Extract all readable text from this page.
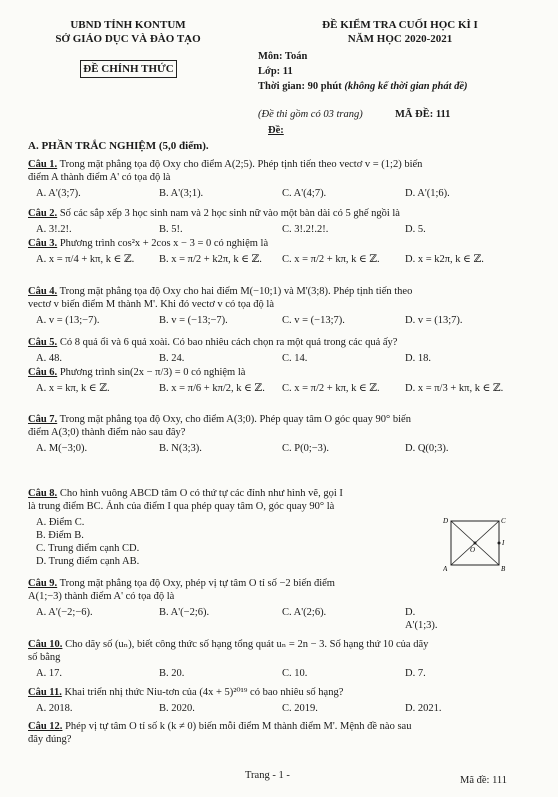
UBND TỈNH KONTUM
SỞ GIÁO DỤC VÀ ĐÀO TẠO
ĐỀ CHÍNH THỨC
ĐỀ KIỂM TRA CUỐI HỌC KÌ I
NĂM HỌC 2020-2021
Môn: Toán
Lớp: 11
Thời gian: 90 phút (không kể thời gian phát đề)
(Đề thi gồm có 03 trang)	MÃ ĐỀ: 111
Đề:
A. PHẦN TRẮC NGHIỆM (5,0 điểm).
Câu 1. Trong mặt phẳng tọa độ Oxy cho điểm A(2;5). Phép tịnh tiến theo vectơ v = (1;2) biến
điểm A thành điểm A' có tọa độ là
A. A'(3;7).	B. A'(3;1).	C. A'(4;7).	D. A'(1;6).
Câu 2. Số các sắp xếp 3 học sinh nam và 2 học sinh nữ vào một bàn dài có 5 ghế ngồi là
A. 3!.2!.	B. 5!.	C. 3!.2!.2!.	D. 5.
Câu 3. Phương trình cos²x + 2cos x − 3 = 0 có nghiệm là
A. x = π/4 + kπ, k ∈ ℤ. B. x = π/2 + k2π, k ∈ ℤ. C. x = π/2 + kπ, k ∈ ℤ. D. x = k2π, k ∈ ℤ.
Câu 4. Trong mặt phẳng tọa độ Oxy cho hai điểm M(−10;1) và M'(3;8). Phép tịnh tiến theo
vectơ v biến điểm M thành M'. Khi đó vectơ v có tọa độ là
A. v = (13;−7).	B. v = (−13;−7).	C. v = (−13;7).	D. v = (13;7).
Câu 5. Có 8 quả ổi và 6 quả xoài. Có bao nhiêu cách chọn ra một quả trong các quả ấy?
A. 48.	B. 24.	C. 14.	D. 18.
Câu 6. Phương trình sin(2x − π/3) = 0 có nghiệm là
A. x = kπ, k ∈ ℤ.	B. x = π/6 + kπ/2, k ∈ ℤ. C. x = π/2 + kπ, k ∈ ℤ. D. x = π/3 + kπ, k ∈ ℤ.
Câu 7. Trong mặt phẳng tọa độ Oxy, cho điểm A(3;0). Phép quay tâm O góc quay 90° biến
điểm A(3;0) thành điểm nào sau đây?
A. M(−3;0).	B. N(3;3).	C. P(0;−3).	D. Q(0;3).
Câu 8. Cho hình vuông ABCD tâm O có thứ tự các đỉnh như hình vẽ, gọi I
là trung điểm BC. Ảnh của điểm I qua phép quay tâm O, góc quay 90° là
A. Điểm C.
B. Điểm B.
C. Trung điểm cạnh CD.
D. Trung điểm cạnh AB.
Câu 9. Trong mặt phẳng tọa độ Oxy, phép vị tự tâm O tỉ số −2 biến điểm
A(1;−3) thành điểm A' có tọa độ là
A. A'(−2;−6).	B. A'(−2;6).	C. A'(2;6).	D. A'(1;3).
Câu 10. Cho dãy số (uₙ), biết công thức số hạng tổng quát uₙ = 2n − 3. Số hạng thứ 10 của dãy
số bằng
A. 17.	B. 20.	C. 10.	D. 7.
Câu 11. Khai triển nhị thức Niu-tơn của (4x + 5)²⁰¹⁹ có bao nhiêu số hạng?
A. 2018.	B. 2020.	C. 2019.	D. 2021.
Câu 12. Phép vị tự tâm O tỉ số k (k ≠ 0) biến mỗi điểm M thành điểm M'. Mệnh đề nào sau
đây đúng?
D	C
I
O
A	B
Trang - 1 -	Mã đề: 111
